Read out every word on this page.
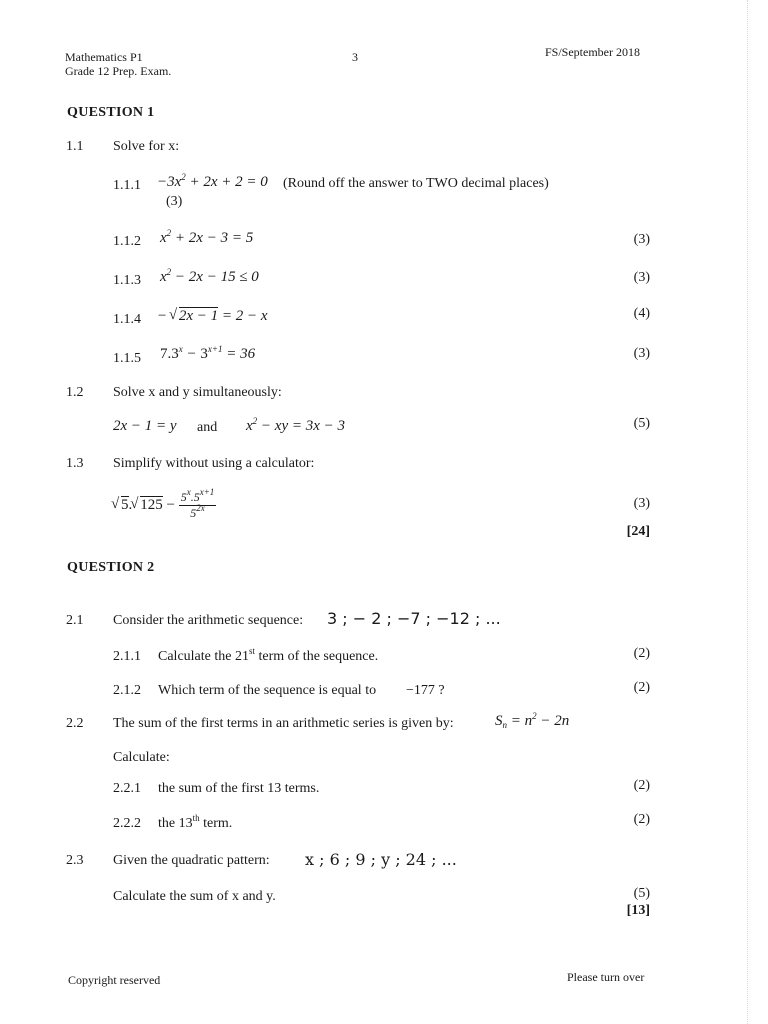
Mathematics P1
Grade 12 Prep. Exam.
3	FS/September 2018
QUESTION 1
1.1 Solve for x:
$1.1.1 -3x^2 + 2x + 2 = 0$ (Round off the answer to TWO decimal places)
(3)
1.1.2 $x^2 + 2x - 3 = 5$	(3)
1.1.3 $x^2 - 2x - 15 \le 0$	(3)
1.1.4 − √ 2x − 1 = 2 − x	(4)
1.1.5 $7.3^x - 3^{x+1} = 36$	(3)
1.2 Solve x and y simultaneously:
2x − 1 = y and $x^2$ − xy = 3x − 3	(5)
1.3 Simplify without using a calculator:
√ 5.√ $125 - \frac{5^x.5^{x+1}}{5^{2x}}$	(3)
[24]
QUESTION 2
2.1 Consider the arithmetic sequence: 3 ; − 2 ; −7 ; −12 ; ...
2.1.1 Calculate the 21st term of the sequence.	(2)
2.1.2 Which term of the sequence is equal to −177 ?	(2)
2.2 The sum of the first terms in an arithmetic series is given by:	$S_n = n^2 - 2n$
Calculate:
2.2.1 the sum of the first 13 terms.	(2)
2.2.2 the 13th term.	(2)
2.3 Given the quadratic pattern: x ; 6 ; 9 ; y ; 24 ; ...
Calculate the sum of x and y.	(5)
[13]
Copyright reserved	Please turn over
